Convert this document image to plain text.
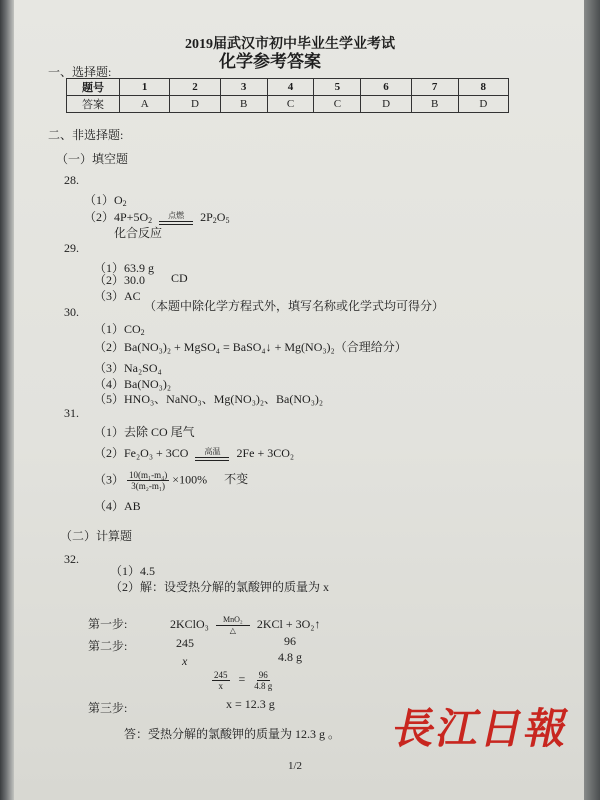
2019届武汉市初中毕业生学业考试
化学参考答案
一、选择题:
题号	1	2	3	4	5	6	7	8
答案	A	D	B	C	C	D	B	D
二、非选择题:
（一）填空题
28.
$(1)O_2$
$(2)4P+5O_2$
点燃 $2P_2O_5$
化合反应
29.
（1）63.9 g
（2）30.0 CD
（3）AC
30.	（本题中除化学方程式外，填写名称或化学式均可得分）
$(1)CO_2$
（2）Ba(NO₃)₂ + MgSO₄ = BaSO₄↓ + Mg(NO₃)₂（合理给分）
（3）Na₂SO₄
（4）Ba(NO₃)₂
（5）HNO₃、NaNO₃、Mg(NO₃)₂、Ba(NO₃)₂
31.
（1）去除 CO 尾气
（2）Fe₂O₃ + 3CO 高温 2Fe + 3CO₂
$(3) \frac{\text{10(m₁-m₄)}}{\text{3(m₂-m₁)}} \times 100\%$ 不变
（4）AB
（二）计算题
32.
（1）4.5
（2）解：设受热分解的氯酸钾的质量为 x
第一步:	2KClO₃ MnO₂
△ 2KCl + 3O₂↑
第二步:	245
x
96
4.8 g
$\frac{245}{x} = \frac{96}{4.8 g}$
第三步:	x = 12.3 g
答：受热分解的氯酸钾的质量为 12.3 g 。
1/2
長江日報
